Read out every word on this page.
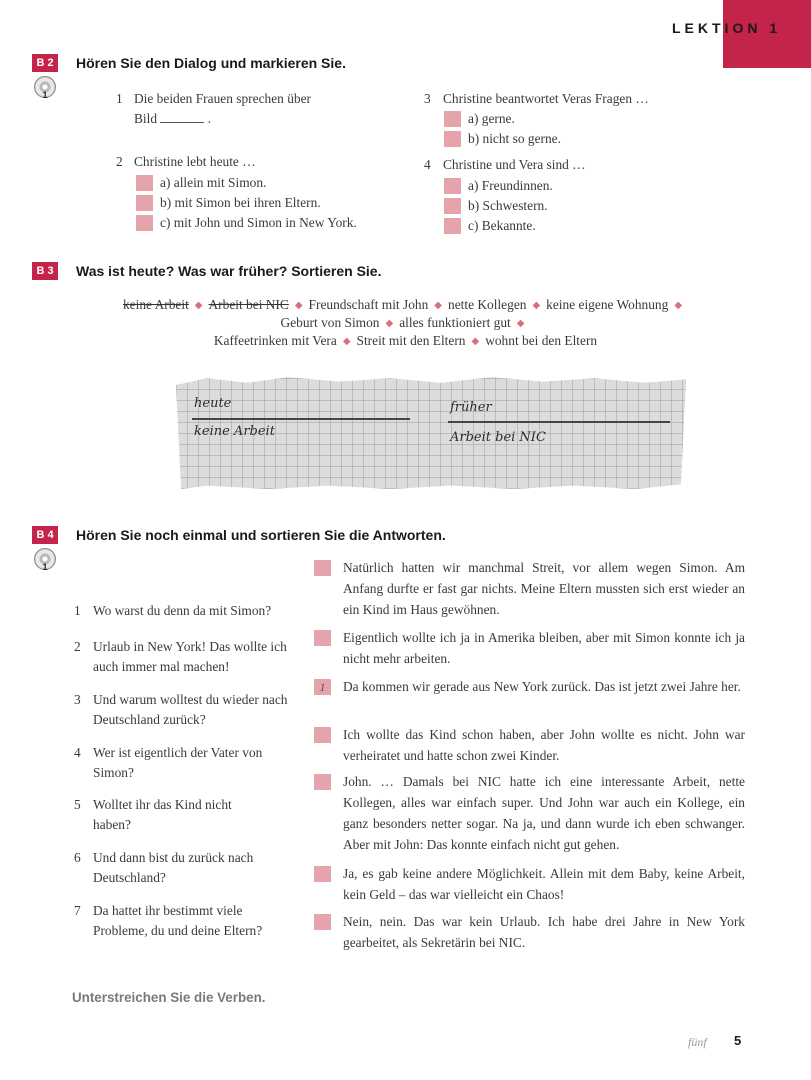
LEKTION 1
B 2
1
Hören Sie den Dialog und markieren Sie.
1 Die beiden Frauen sprechen über
Bild	.
2 Christine lebt heute …
a) allein mit Simon.
b) mit Simon bei ihren Eltern.
c) mit John und Simon in New York.
3 Christine beantwortet Veras Fragen …
a) gerne.
b) nicht so gerne.
4 Christine und Vera sind …
a) Freundinnen.
b) Schwestern.
c) Bekannte.
B 3	Was ist heute? Was war früher? Sortieren Sie.
keine Arbeit ◆ Arbeit bei NIC ◆ Freundschaft mit John ◆ nette Kollegen ◆ keine eigene Wohnung ◆
Geburt von Simon ◆ alles funktioniert gut ◆
Kaffeetrinken mit Vera ◆ Streit mit den Eltern ◆ wohnt bei den Eltern
heute
keine Arbeit
früher
Arbeit bei NIC
B 4
1
Hören Sie noch einmal und sortieren Sie die Antworten.
1 Wo warst du denn da mit Simon?
2 Urlaub in New York! Das wollte ich auch immer mal machen!
3 Und warum wolltest du wieder nach Deutschland zurück?
4 Wer ist eigentlich der Vater von Simon?
5 Wolltet ihr das Kind nicht haben?
6 Und dann bist du zurück nach Deutschland?
7 Da hattet ihr bestimmt viele Probleme, du und deine Eltern?
Natürlich hatten wir manchmal Streit, vor allem wegen Simon. Am Anfang durfte er fast gar nichts. Meine Eltern mussten sich erst wieder an ein Kind im Haus gewöhnen.
Eigentlich wollte ich ja in Amerika bleiben, aber mit Simon konnte ich ja nicht mehr arbeiten.
1	Da kommen wir gerade aus New York zurück. Das ist jetzt zwei Jahre her.
Ich wollte das Kind schon haben, aber John wollte es nicht. John war verheiratet und hatte schon zwei Kinder.
John. … Damals bei NIC hatte ich eine interessante Arbeit, nette Kollegen, alles war einfach super. Und John war auch ein Kollege, ein ganz besonders netter sogar. Na ja, und dann wurde ich eben schwanger. Aber mit John: Das konnte einfach nicht gut gehen.
Ja, es gab keine andere Möglichkeit. Allein mit dem Baby, keine Arbeit, kein Geld – das war vielleicht ein Chaos!
Nein, nein. Das war kein Urlaub. Ich habe drei Jahre in New York gearbeitet, als Sekretärin bei NIC.
Unterstreichen Sie die Verben.
fünf 5
